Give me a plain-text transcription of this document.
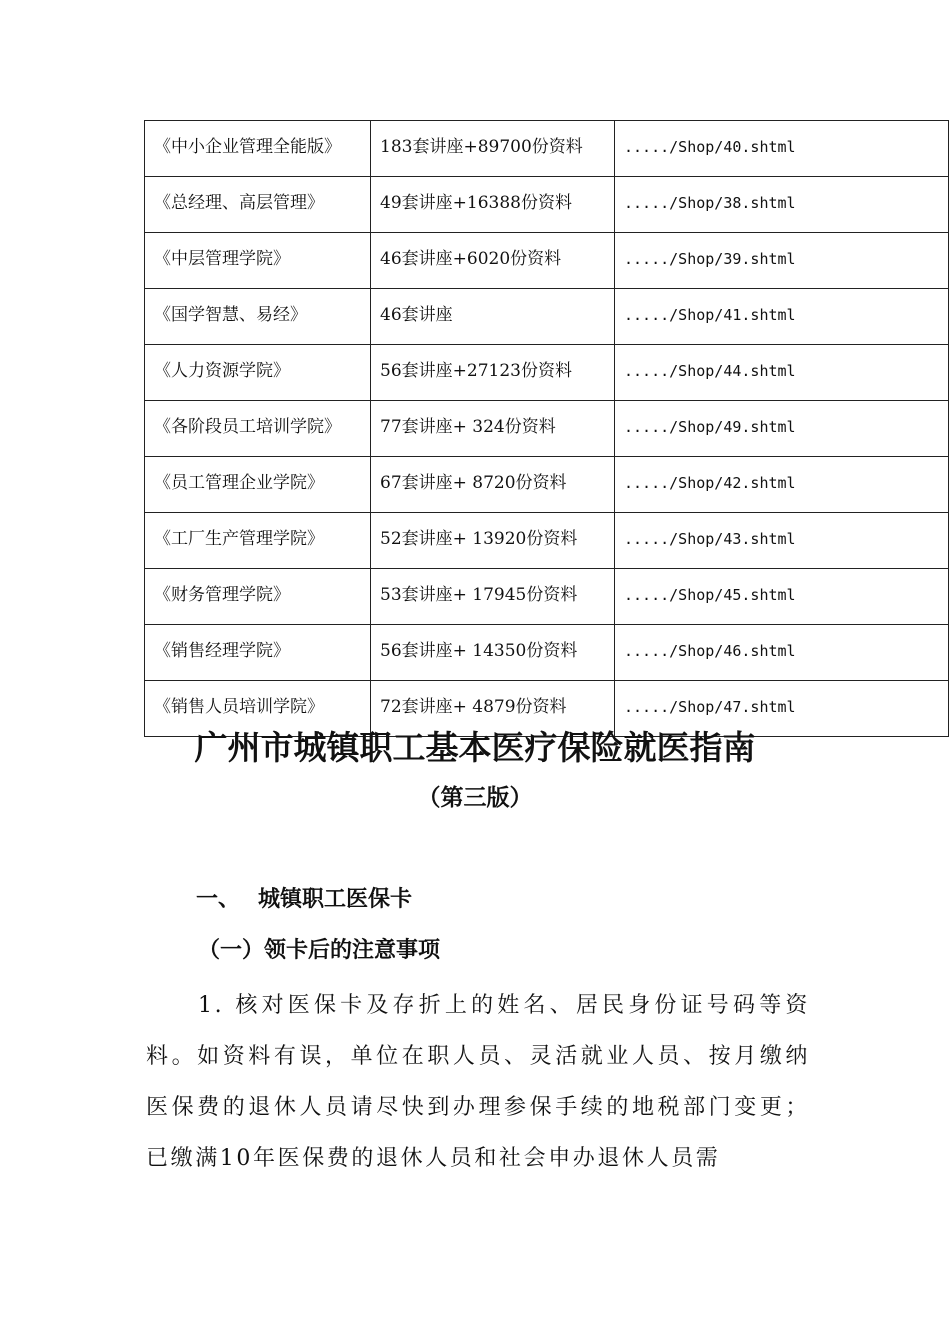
《中小企业管理全能版》	183套讲座+89700份资料	...../Shop/40.shtml
《总经理、高层管理》	49套讲座+16388份资料	...../Shop/38.shtml
《中层管理学院》	46套讲座+6020份资料	...../Shop/39.shtml
《国学智慧、易经》	46套讲座	...../Shop/41.shtml
《人力资源学院》	56套讲座+27123份资料	...../Shop/44.shtml
《各阶段员工培训学院》	77套讲座+ 324份资料	...../Shop/49.shtml
《员工管理企业学院》	67套讲座+ 8720份资料	...../Shop/42.shtml
《工厂生产管理学院》	52套讲座+ 13920份资料	...../Shop/43.shtml
《财务管理学院》	53套讲座+ 17945份资料	...../Shop/45.shtml
《销售经理学院》	56套讲座+ 14350份资料	...../Shop/46.shtml
《销售人员培训学院》	72套讲座+ 4879份资料	...../Shop/47.shtml
广州市城镇职工基本医疗保险就医指南
（第三版）
一、 城镇职工医保卡
（一）领卡后的注意事项
1. 核对医保卡及存折上的姓名、居民身份证号码等资料。如资料有误，单位在职人员、灵活就业人员、按月缴纳医保费的退休人员请尽快到办理参保手续的地税部门变更；已缴满10年医保费的退休人员和社会申办退休人员需
